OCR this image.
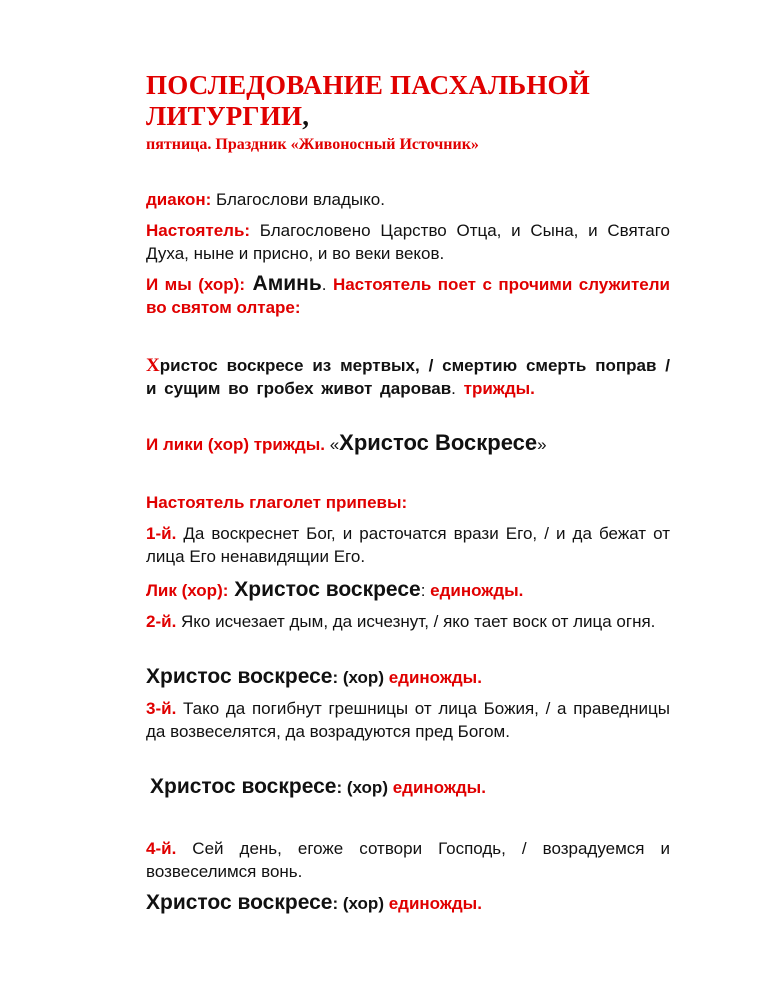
ПОСЛЕДОВАНИЕ ПАСХАЛЬНОЙ
ЛИТУРГИИ,
пятница. Праздник «Живоносный Источник»
диакон: Благослови владыко.
Настоятель: Благословено Царство Отца, и Сына, и Святаго Духа, ныне и присно, и во веки веков.
И мы (хор): Аминь. Настоятель поет с прочими служители во святом олтаре:
Христос воскресе из мертвых, / смертию смерть поправ / и сущим во гробех живот даровав. трижды.
И лики (хор) трижды. «Христос Воскресе»
Настоятель глаголет припевы:
1-й. Да воскреснет Бог, и расточатся врази Его, / и да бежат от лица Его ненавидящии Его.
Лик (хор): Христос воскресе: единожды.
2-й. Яко исчезает дым, да исчезнут, / яко тает воск от лица огня.
Христос воскресе: (хор) единожды.
3-й. Тако да погибнут грешницы от лица Божия, / а праведницы да возвеселятся, да возрадуются пред Богом.
Христос воскресе: (хор) единожды.
4-й. Сей день, егоже сотвори Господь, / возрадуемся и возвеселимся вонь.
Христос воскресе: (хор) единожды.
